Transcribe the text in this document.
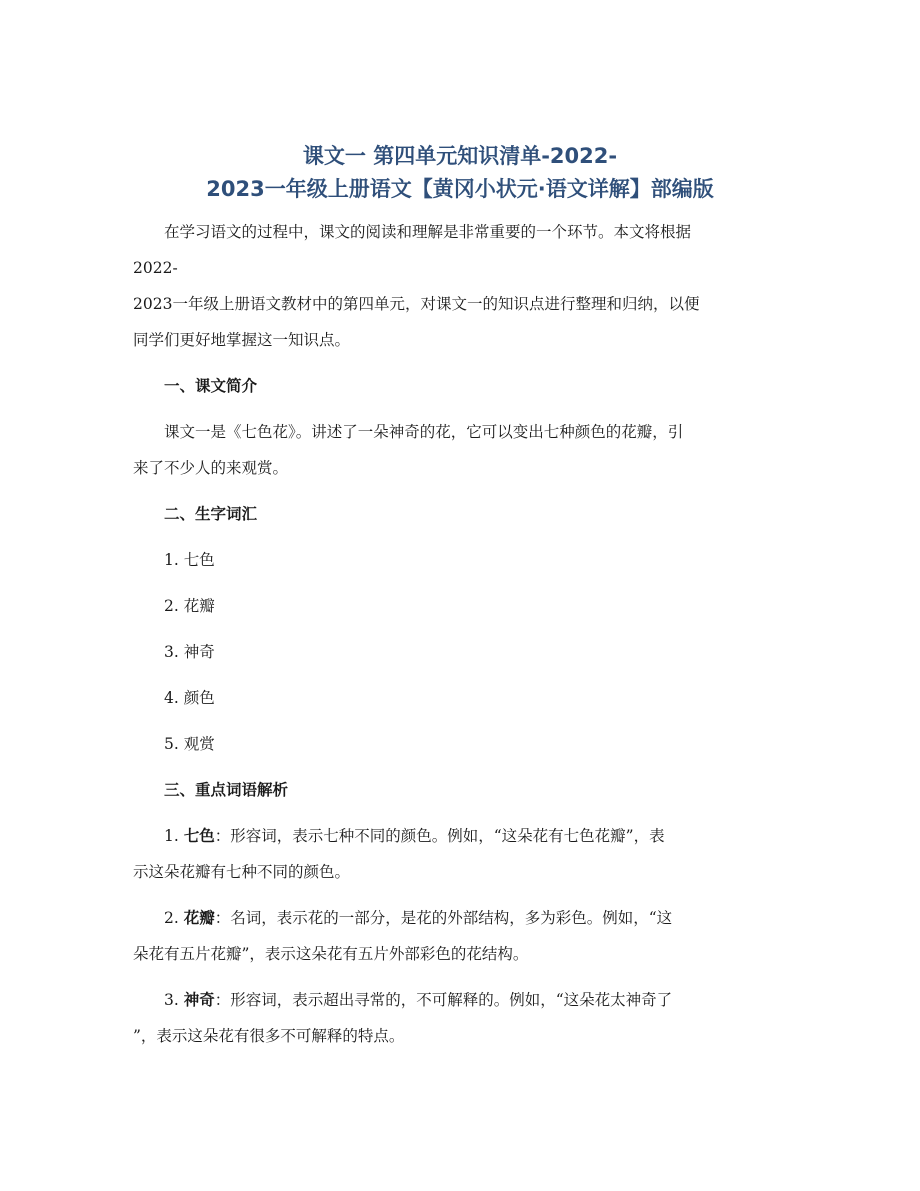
课文一 第四单元知识清单-2022-
2023一年级上册语文【黄冈小状元·语文详解】部编版

在学习语文的过程中，课文的阅读和理解是非常重要的一个环节。本文将根据
2022-
2023一年级上册语文教材中的第四单元，对课文一的知识点进行整理和归纳，以便
同学们更好地掌握这一知识点。

一、课文简介

课文一是《七色花》。讲述了一朵神奇的花，它可以变出七种颜色的花瓣，引
来了不少人的来观赏。

二、生字词汇

1. 七色

2. 花瓣

3. 神奇

4. 颜色

5. 观赏

三、重点词语解析

1. 七色：形容词，表示七种不同的颜色。例如，“这朵花有七色花瓣”，表
示这朵花瓣有七种不同的颜色。

2. 花瓣：名词，表示花的一部分，是花的外部结构，多为彩色。例如，“这
朵花有五片花瓣”，表示这朵花有五片外部彩色的花结构。

3. 神奇：形容词，表示超出寻常的，不可解释的。例如，“这朵花太神奇了
”，表示这朵花有很多不可解释的特点。
